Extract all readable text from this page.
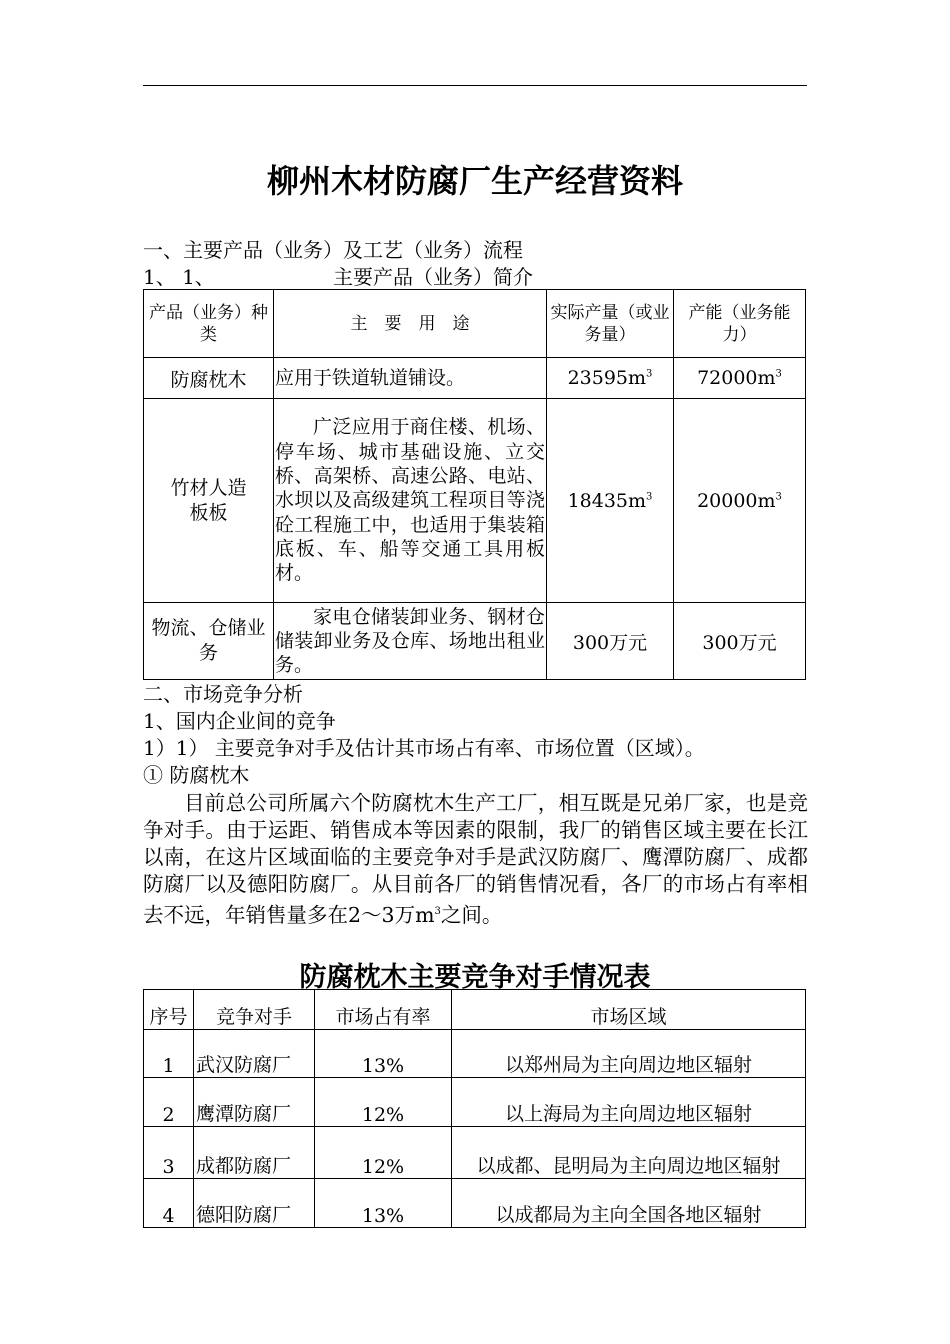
柳州木材防腐厂生产经营资料
一、主要产品（业务）及工艺（业务）流程
1、 1、	主要产品（业务）简介
产品（业务）种类	主　要　用　途	实际产量（或业务量）	产能（业务能力）
防腐枕木	应用于铁道轨道铺设。	$23595m^3$	$72000m^3$

竹材人造板板	广泛应用于商住楼、机场、停车场、城市基础设施、立交桥、高架桥、高速公路、电站、水坝以及高级建筑工程项目等浇砼工程施工中，也适用于集装箱底板、车、船等交通工具用板材。	$18435m^3$	$20000m^3$

物流、仓储业务	家电仓储装卸业务、钢材仓储装卸业务及仓库、场地出租业务。	300万元	300万元
二、市场竞争分析
1、国内企业间的竞争
1）1） 主要竞争对手及估计其市场占有率、市场位置（区域）。
① 防腐枕木
目前总公司所属六个防腐枕木生产工厂，相互既是兄弟厂家，也是竞争对手。由于运距、销售成本等因素的限制，我厂的销售区域主要在长江以南，在这片区域面临的主要竞争对手是武汉防腐厂、鹰潭防腐厂、成都防腐厂以及德阳防腐厂。从目前各厂的销售情况看，各厂的市场占有率相去不远，年销售量多在2～3万$m^3$之间。
防腐枕木主要竞争对手情况表
序号	竞争对手	市场占有率	市场区域
1	武汉防腐厂	13%	以郑州局为主向周边地区辐射
2	鹰潭防腐厂	12%	以上海局为主向周边地区辐射
3	成都防腐厂	12%	以成都、昆明局为主向周边地区辐射

4	德阳防腐厂	13%	以成都局为主向全国各地区辐射
